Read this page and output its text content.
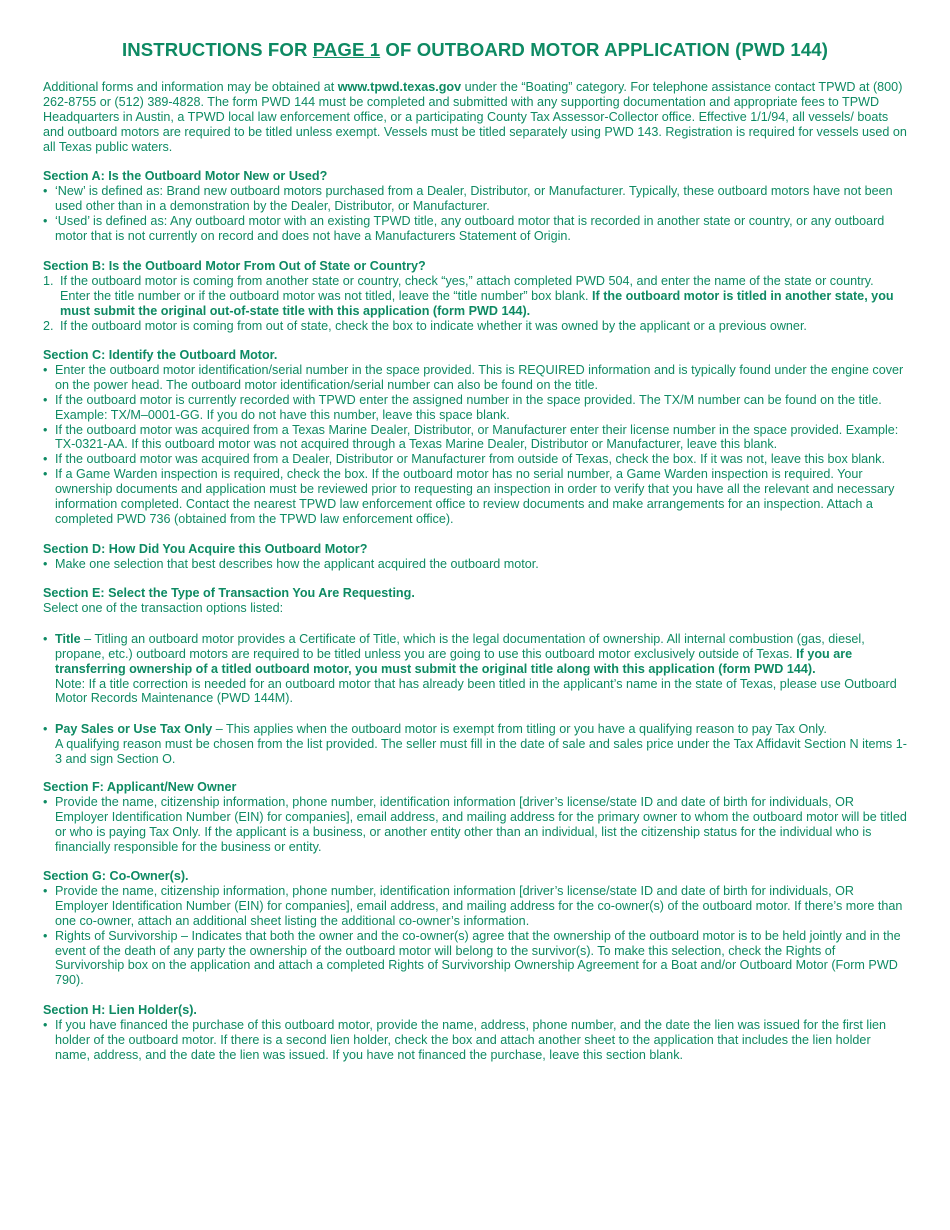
INSTRUCTIONS FOR PAGE 1 OF OUTBOARD MOTOR APPLICATION (PWD 144)

Additional forms and information may be obtained at www.tpwd.texas.gov under the “Boating” category. For telephone assistance contact TPWD at (800) 262-8755 or (512) 389-4828. The form PWD 144 must be completed and submitted with any supporting documentation and appropriate fees to TPWD Headquarters in Austin, a TPWD local law enforcement office, or a participating County Tax Assessor-Collector office. Effective 1/1/94, all vessels/ boats and outboard motors are required to be titled unless exempt. Vessels must be titled separately using PWD 143. Registration is required for vessels used on all Texas public waters.

Section A: Is the Outboard Motor New or Used?

• ‘New’ is defined as: Brand new outboard motors purchased from a Dealer, Distributor, or Manufacturer. Typically, these outboard motors have not been used other than in a demonstration by the Dealer, Distributor, or Manufacturer.
• ‘Used’ is defined as: Any outboard motor with an existing TPWD title, any outboard motor that is recorded in another state or country, or any outboard motor that is not currently on record and does not have a Manufacturers Statement of Origin.

Section B: Is the Outboard Motor From Out of State or Country?

1. If the outboard motor is coming from another state or country, check “yes,” attach completed PWD 504, and enter the name of the state or country. Enter the title number or if the outboard motor was not titled, leave the “title number” box blank. If the outboard motor is titled in another state, you must submit the original out-of-state title with this application (form PWD 144).
2. If the outboard motor is coming from out of state, check the box to indicate whether it was owned by the applicant or a previous owner.

Section C: Identify the Outboard Motor.

• Enter the outboard motor identification/serial number in the space provided. This is REQUIRED information and is typically found under the engine cover on the power head. The outboard motor identification/serial number can also be found on the title.
• If the outboard motor is currently recorded with TPWD enter the assigned number in the space provided. The TX/M number can be found on the title. Example: TX/M–0001-GG. If you do not have this number, leave this space blank.
• If the outboard motor was acquired from a Texas Marine Dealer, Distributor, or Manufacturer enter their license number in the space provided. Example: TX-0321-AA. If this outboard motor was not acquired through a Texas Marine Dealer, Distributor or Manufacturer, leave this blank.
• If the outboard motor was acquired from a Dealer, Distributor or Manufacturer from outside of Texas, check the box. If it was not, leave this box blank.
• If a Game Warden inspection is required, check the box. If the outboard motor has no serial number, a Game Warden inspection is required. Your ownership documents and application must be reviewed prior to requesting an inspection in order to verify that you have all the relevant and necessary information completed. Contact the nearest TPWD law enforcement office to review documents and make arrangements for an inspection. Attach a completed PWD 736 (obtained from the TPWD law enforcement office).

Section D: How Did You Acquire this Outboard Motor?

• Make one selection that best describes how the applicant acquired the outboard motor.

Section E: Select the Type of Transaction You Are Requesting.

Select one of the transaction options listed:

• Title – Titling an outboard motor provides a Certificate of Title, which is the legal documentation of ownership. All internal combustion (gas, diesel, propane, etc.) outboard motors are required to be titled unless you are going to use this outboard motor exclusively outside of Texas. If you are transferring ownership of a titled outboard motor, you must submit the original title along with this application (form PWD 144).
Note: If a title correction is needed for an outboard motor that has already been titled in the applicant’s name in the state of Texas, please use Outboard Motor Records Maintenance (PWD 144M).
• Pay Sales or Use Tax Only – This applies when the outboard motor is exempt from titling or you have a qualifying reason to pay Tax Only.
A qualifying reason must be chosen from the list provided. The seller must fill in the date of sale and sales price under the Tax Affidavit Section N items 1-3 and sign Section O.

Section F: Applicant/New Owner

• Provide the name, citizenship information, phone number, identification information [driver’s license/state ID and date of birth for individuals, OR Employer Identification Number (EIN) for companies], email address, and mailing address for the primary owner to whom the outboard motor will be titled or who is paying Tax Only. If the applicant is a business, or another entity other than an individual, list the citizenship status for the individual who is financially responsible for the business or entity.

Section G: Co-Owner(s).

• Provide the name, citizenship information, phone number, identification information [driver’s license/state ID and date of birth for individuals, OR Employer Identification Number (EIN) for companies], email address, and mailing address for the co-owner(s) of the outboard motor. If there’s more than one co-owner, attach an additional sheet listing the additional co-owner’s information.
• Rights of Survivorship – Indicates that both the owner and the co-owner(s) agree that the ownership of the outboard motor is to be held jointly and in the event of the death of any party the ownership of the outboard motor will belong to the survivor(s). To make this selection, check the Rights of Survivorship box on the application and attach a completed Rights of Survivorship Ownership Agreement for a Boat and/or Outboard Motor (Form PWD 790).

Section H: Lien Holder(s).

• If you have financed the purchase of this outboard motor, provide the name, address, phone number, and the date the lien was issued for the first lien holder of the outboard motor. If there is a second lien holder, check the box and attach another sheet to the application that includes the lien holder name, address, and the date the lien was issued. If you have not financed the purchase, leave this section blank.
